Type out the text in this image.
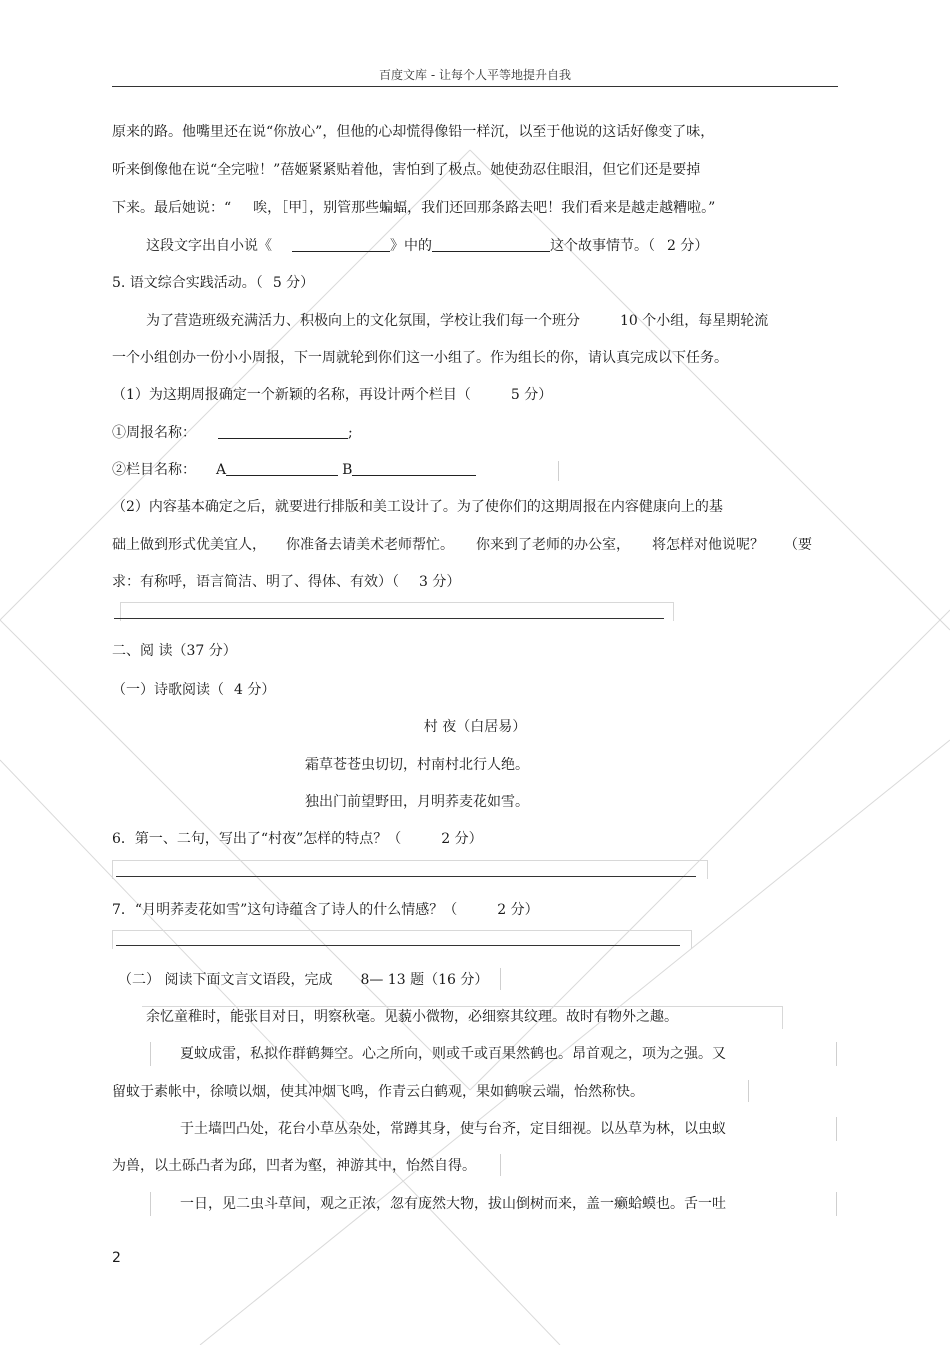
百度文库 - 让每个人平等地提升自我
原来的路。他嘴里还在说“你放心”，但他的心却慌得像铅一样沉，以至于他说的这话好像变了味，
听来倒像他在说“全完啦！”蓓姬紧紧贴着他，害怕到了极点。她使劲忍住眼泪，但它们还是要掉
下来。最后她说：“ 唉，［甲］，别管那些蝙蝠，我们还回那条路去吧！我们看来是越走越糟啦。”
这段文字出自小说《	》中的	这个故事情节。（ 2 分）
5. 语文综合实践活动。（ 5 分）
为了营造班级充满活力、积极向上的文化氛围，学校让我们每一个班分	10 个小组，每星期轮流
一个小组创办一份小小周报，下一周就轮到你们这一小组了。作为组长的你，请认真完成以下任务。
（1）为这期周报确定一个新颖的名称，再设计两个栏目（	5 分）
①周报名称：	;
②栏目名称： A	B
（2）内容基本确定之后，就要进行排版和美工设计了。为了使你们的这期周报在内容健康向上的基
础上做到形式优美宜人， 你准备去请美术老师帮忙。 你来到了老师的办公室， 将怎样对他说呢？ （要
求：有称呼，语言简洁、明了、得体、有效）（ 3 分）
二、阅 读（37 分）
（一）诗歌阅读（ 4 分）
村 夜（白居易）
霜草苍苍虫切切，村南村北行人绝。
独出门前望野田，月明荞麦花如雪。
6．第一、二句，写出了“村夜”怎样的特点？（	2 分）
7．“月明荞麦花如雪”这句诗蕴含了诗人的什么情感？（	2 分）
（二） 阅读下面文言文语段，完成 8— 13 题（16 分）
余忆童稚时，能张目对日，明察秋毫。见藐小微物，必细察其纹理。故时有物外之趣。
夏蚊成雷，私拟作群鹤舞空。心之所向，则或千或百果然鹤也。昂首观之，项为之强。又
留蚊于素帐中，徐喷以烟，使其冲烟飞鸣，作青云白鹤观，果如鹤唳云端，怡然称快。
于土墙凹凸处，花台小草丛杂处，常蹲其身，使与台齐，定目细视。以丛草为林，以虫蚁
为兽，以土砾凸者为邱，凹者为壑，神游其中，怡然自得。
一日，见二虫斗草间，观之正浓，忽有庞然大物，拔山倒树而来，盖一癞蛤蟆也。舌一吐
2
